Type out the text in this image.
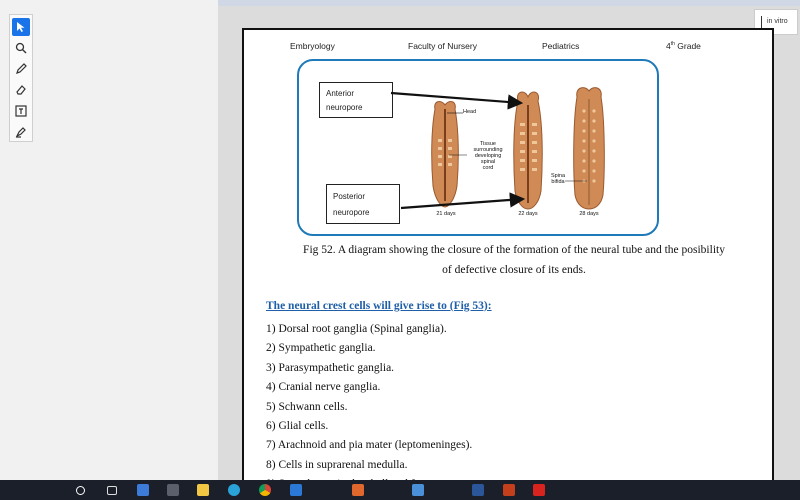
in vitro
Embryology	Faculty of Nursery	Pediatrics	4th Grade
Anterior
neuropore
Posterior
neuropore
Head
Tissue
surrounding
developing
spinal
cord
Spina
bifida
21 days	22 days	28 days
Fig 52. A diagram showing the closure of the formation of the neural tube and the posibility
of defective closure of its ends.
The neural crest cells will give rise to (Fig 53):
1) Dorsal root ganglia (Spinal ganglia).
2) Sympathetic ganglia.
3) Parasympathetic ganglia.
4) Cranial nerve ganglia.
5) Schwann cells.
6) Glial cells.
7) Arachnoid and pia mater (leptomeninges).
8) Cells in suprarenal medulla.
